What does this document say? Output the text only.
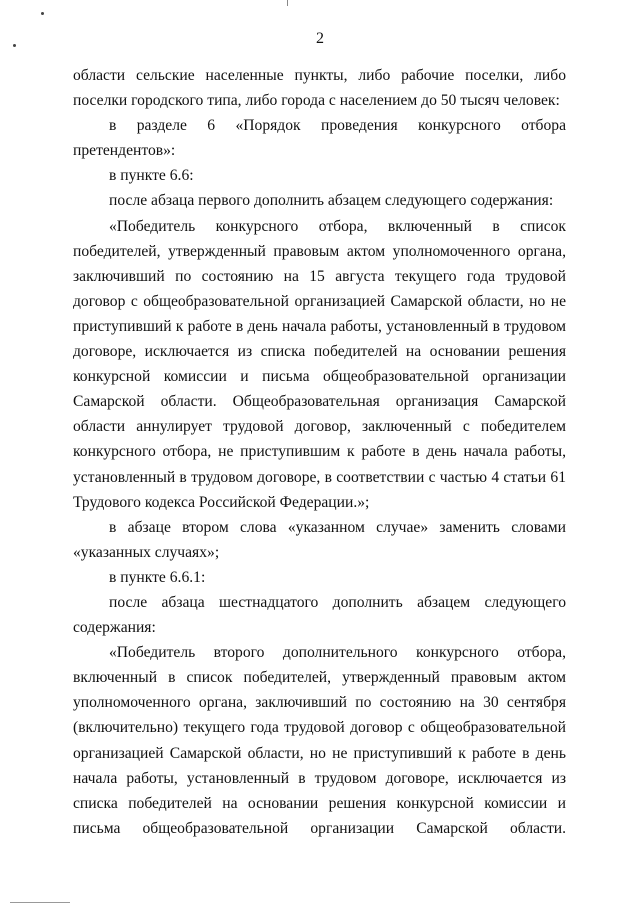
2

области сельские населенные пункты, либо рабочие поселки, либо поселки городского типа, либо города с населением до 50 тысяч человек:

в разделе 6 «Порядок проведения конкурсного отбора претендентов»:

в пункте 6.6:

после абзаца первого дополнить абзацем следующего содержания:

«Победитель конкурсного отбора, включенный в список победителей, утвержденный правовым актом уполномоченного органа, заключивший по состоянию на 15 августа текущего года трудовой договор с общеобразовательной организацией Самарской области, но не приступивший к работе в день начала работы, установленный в трудовом договоре, исключается из списка победителей на основании решения конкурсной комиссии и письма общеобразовательной организации Самарской области. Общеобразовательная организация Самарской области аннулирует трудовой договор, заключенный с победителем конкурсного отбора, не приступившим к работе в день начала работы, установленный в трудовом договоре, в соответствии с частью 4 статьи 61 Трудового кодекса Российской Федерации.»;

в абзаце втором слова «указанном случае» заменить словами «указанных случаях»;

в пункте 6.6.1:

после абзаца шестнадцатого дополнить абзацем следующего содержания:

«Победитель второго дополнительного конкурсного отбора, включенный в список победителей, утвержденный правовым актом уполномоченного органа, заключивший по состоянию на 30 сентября (включительно) текущего года трудовой договор с общеобразовательной организацией Самарской области, но не приступивший к работе в день начала работы, установленный в трудовом договоре, исключается из списка победителей на основании решения конкурсной комиссии и письма общеобразовательной организации Самарской области.
